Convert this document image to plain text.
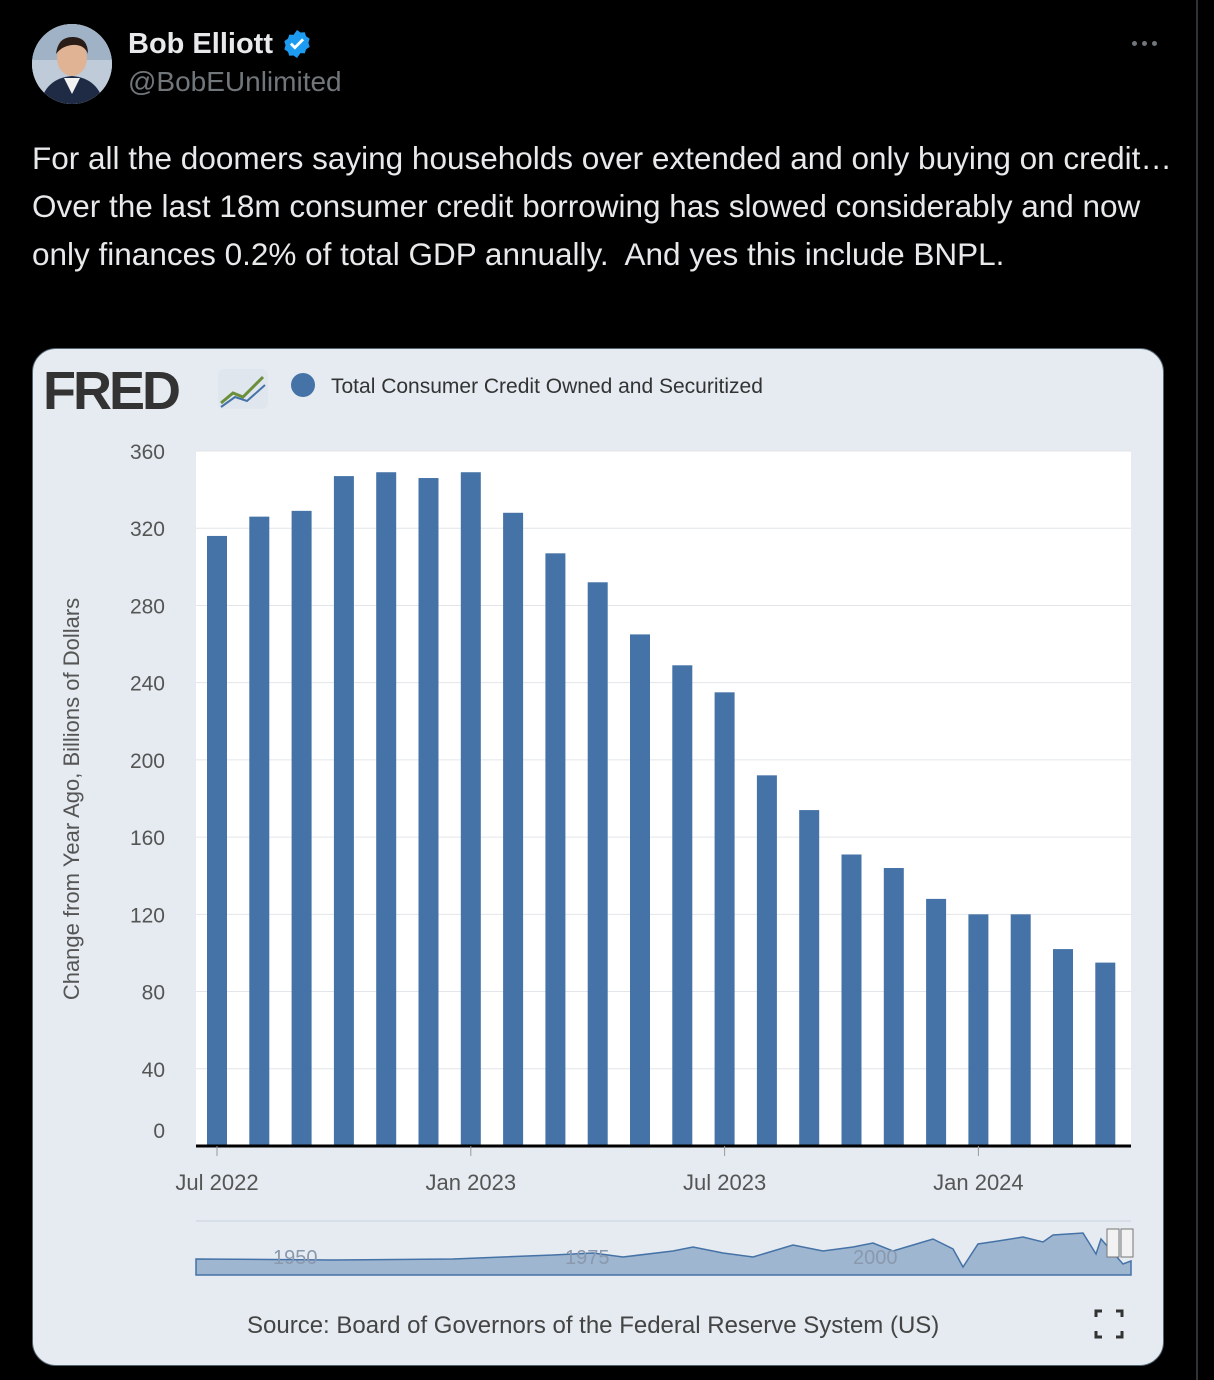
Bob Elliott
@BobEUnlimited

For all the doomers saying households over extended and only buying on credit… Over the last 18m consumer credit borrowing has slowed considerably and now only finances 0.2% of total GDP annually.  And yes this include BNPL.

FRED	Total Consumer Credit Owned and Securitized
0
40
80
120
160
200
240
280
320
360
Jul 2022	Jan 2023	Jul 2023	Jan 2024
Change from Year Ago, Billions of Dollars
1950	1975	2000
Source: Board of Governors of the Federal Reserve System (US)
